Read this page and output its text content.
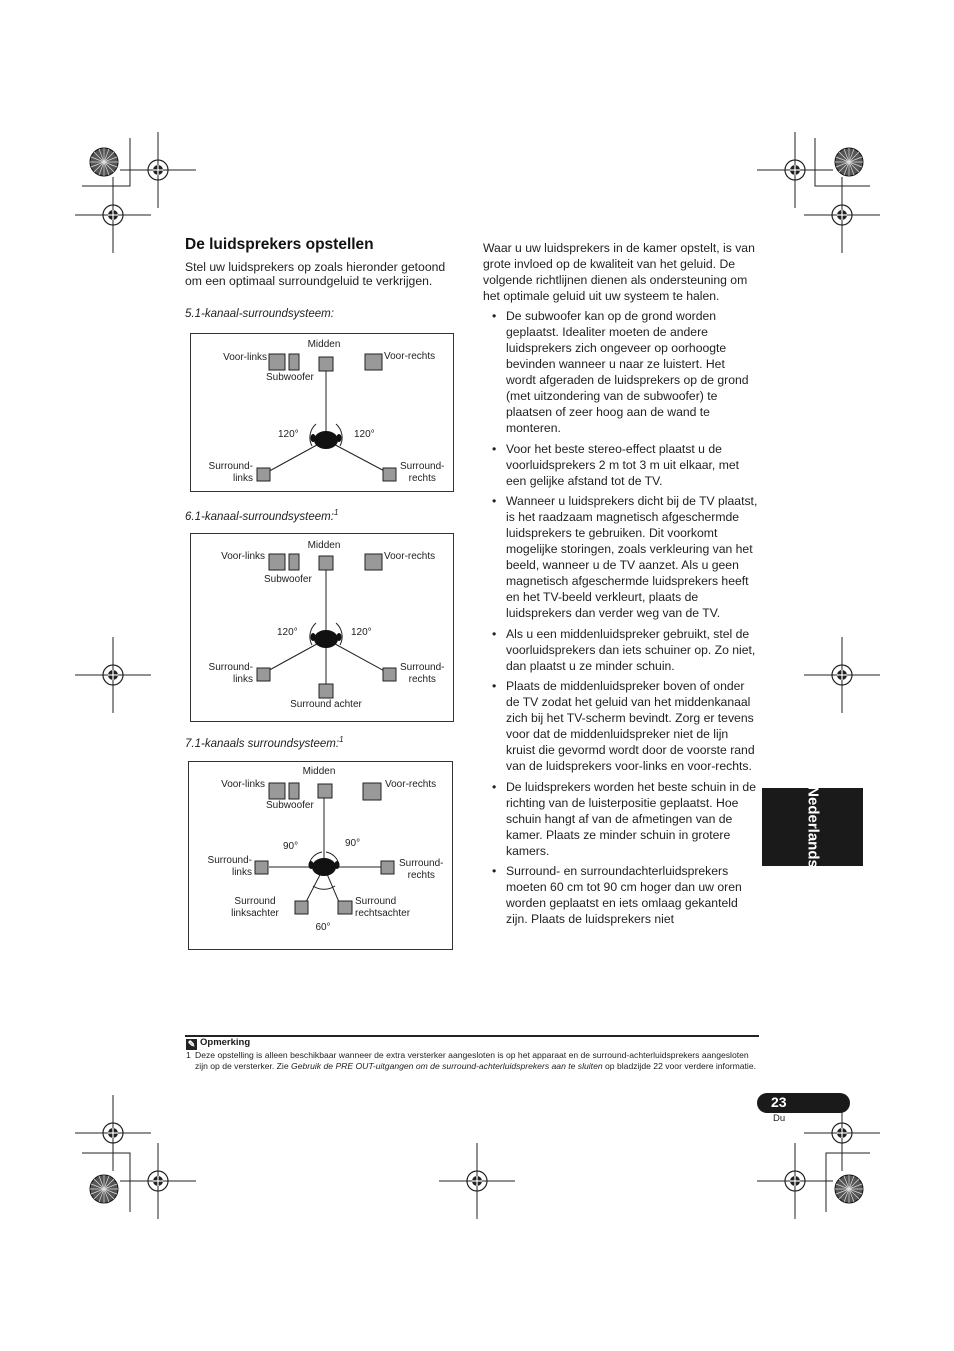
De luidsprekers opstellen
Stel uw luidsprekers op zoals hieronder getoond om een optimaal surroundgeluid te verkrijgen.
5.1-kanaal-surroundsysteem:
Midden
Voor-links	Voor-rechts
Subwoofer
120°	120°
Surround-
links
Surround-
rechts
6.1-kanaal-surroundsysteem:$^1$
Midden
Voor-links	Voor-rechts
Subwoofer
120°	120°
Surround-
links
Surround-
rechts
Surround achter
7.1-kanaals surroundsysteem:$^1$
Midden
Voor-links	Voor-rechts
Subwoofer
90°	90°
Surround-
links
Surround-
rechts
Surround
linksachter
Surround
rechtsachter
60°

Waar u uw luidsprekers in de kamer opstelt, is van grote invloed op de kwaliteit van het geluid. De volgende richtlijnen dienen als ondersteuning om het optimale geluid uit uw systeem te halen.

• De subwoofer kan op de grond worden geplaatst. Idealiter moeten de andere luidsprekers zich ongeveer op oorhoogte bevinden wanneer u naar ze luistert. Het wordt afgeraden de luidsprekers op de grond (met uitzondering van de subwoofer) te plaatsen of zeer hoog aan de wand te monteren.
• Voor het beste stereo-effect plaatst u de voorluidsprekers 2 m tot 3 m uit elkaar, met een gelijke afstand tot de TV.
• Wanneer u luidsprekers dicht bij de TV plaatst, is het raadzaam magnetisch afgeschermde luidsprekers te gebruiken. Dit voorkomt mogelijke storingen, zoals verkleuring van het beeld, wanneer u de TV aanzet. Als u geen magnetisch afgeschermde luidsprekers heeft en het TV-beeld verkleurt, plaats de luidsprekers dan verder weg van de TV.
• Als u een middenluidspreker gebruikt, stel de voorluidsprekers dan iets schuiner op. Zo niet, dan plaatst u ze minder schuin.
• Plaats de middenluidspreker boven of onder de TV zodat het geluid van het middenkanaal zich bij het TV-scherm bevindt. Zorg er tevens voor dat de middenluidspreker niet de lijn kruist die gevormd wordt door de voorste rand van de luidsprekers voor-links en voor-rechts.
• De luidsprekers worden het beste schuin in de richting van de luisterpositie geplaatst. Hoe schuin hangt af van de afmetingen van de kamer. Plaats ze minder schuin in grotere kamers.
• Surround- en surroundachterluidsprekers moeten 60 cm tot 90 cm hoger dan uw oren worden geplaatst en iets omlaag gekanteld zijn. Plaats de luidsprekers niet
Nederlands
✎ Opmerking
1 Deze opstelling is alleen beschikbaar wanneer de extra versterker aangesloten is op het apparaat en de surround-achterluidsprekers aangesloten zijn op de versterker. Zie Gebruik de PRE OUT-uitgangen om de surround-achterluidsprekers aan te sluiten op bladzijde 22 voor verdere informatie.
23
Du
